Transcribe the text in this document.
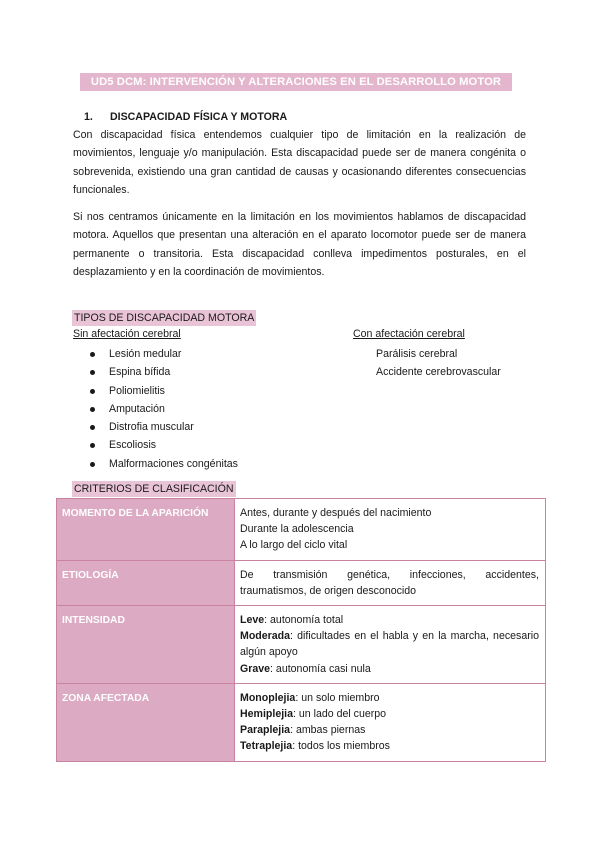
UD5 DCM: INTERVENCIÓN Y ALTERACIONES EN EL DESARROLLO MOTOR
1. DISCAPACIDAD FÍSICA Y MOTORA

Con discapacidad física entendemos cualquier tipo de limitación en la realización de movimientos, lenguaje y/o manipulación. Esta discapacidad puede ser de manera congénita o sobrevenida, existiendo una gran cantidad de causas y ocasionando diferentes consecuencias funcionales.

Si nos centramos únicamente en la limitación en los movimientos hablamos de discapacidad motora. Aquellos que presentan una alteración en el aparato locomotor puede ser de manera permanente o transitoria. Esta discapacidad conlleva impedimentos posturales, en el desplazamiento y en la coordinación de movimientos.

TIPOS DE DISCAPACIDAD MOTORA
Sin afectación cerebral	Con afectación cerebral
Lesión medular
Espina bífida
Poliomielitis
Amputación
Distrofia muscular
Escoliosis
Malformaciones congénitas
Parálisis cerebral
Accidente cerebrovascular
CRITERIOS DE CLASIFICACIÓN
MOMENTO DE LA APARICIÓN	Antes, durante y después del nacimiento
Durante la adolescencia
A lo largo del ciclo vital

ETIOLOGÍA	De transmisión genética, infecciones, accidentes, traumatismos, de origen desconocido

INTENSIDAD	Leve: autonomía total
Moderada: dificultades en el habla y en la marcha, necesario algún apoyo
Grave: autonomía casi nula

ZONA AFECTADA	Monoplejia: un solo miembro
Hemiplejia: un lado del cuerpo
Paraplejia: ambas piernas
Tetraplejia: todos los miembros
